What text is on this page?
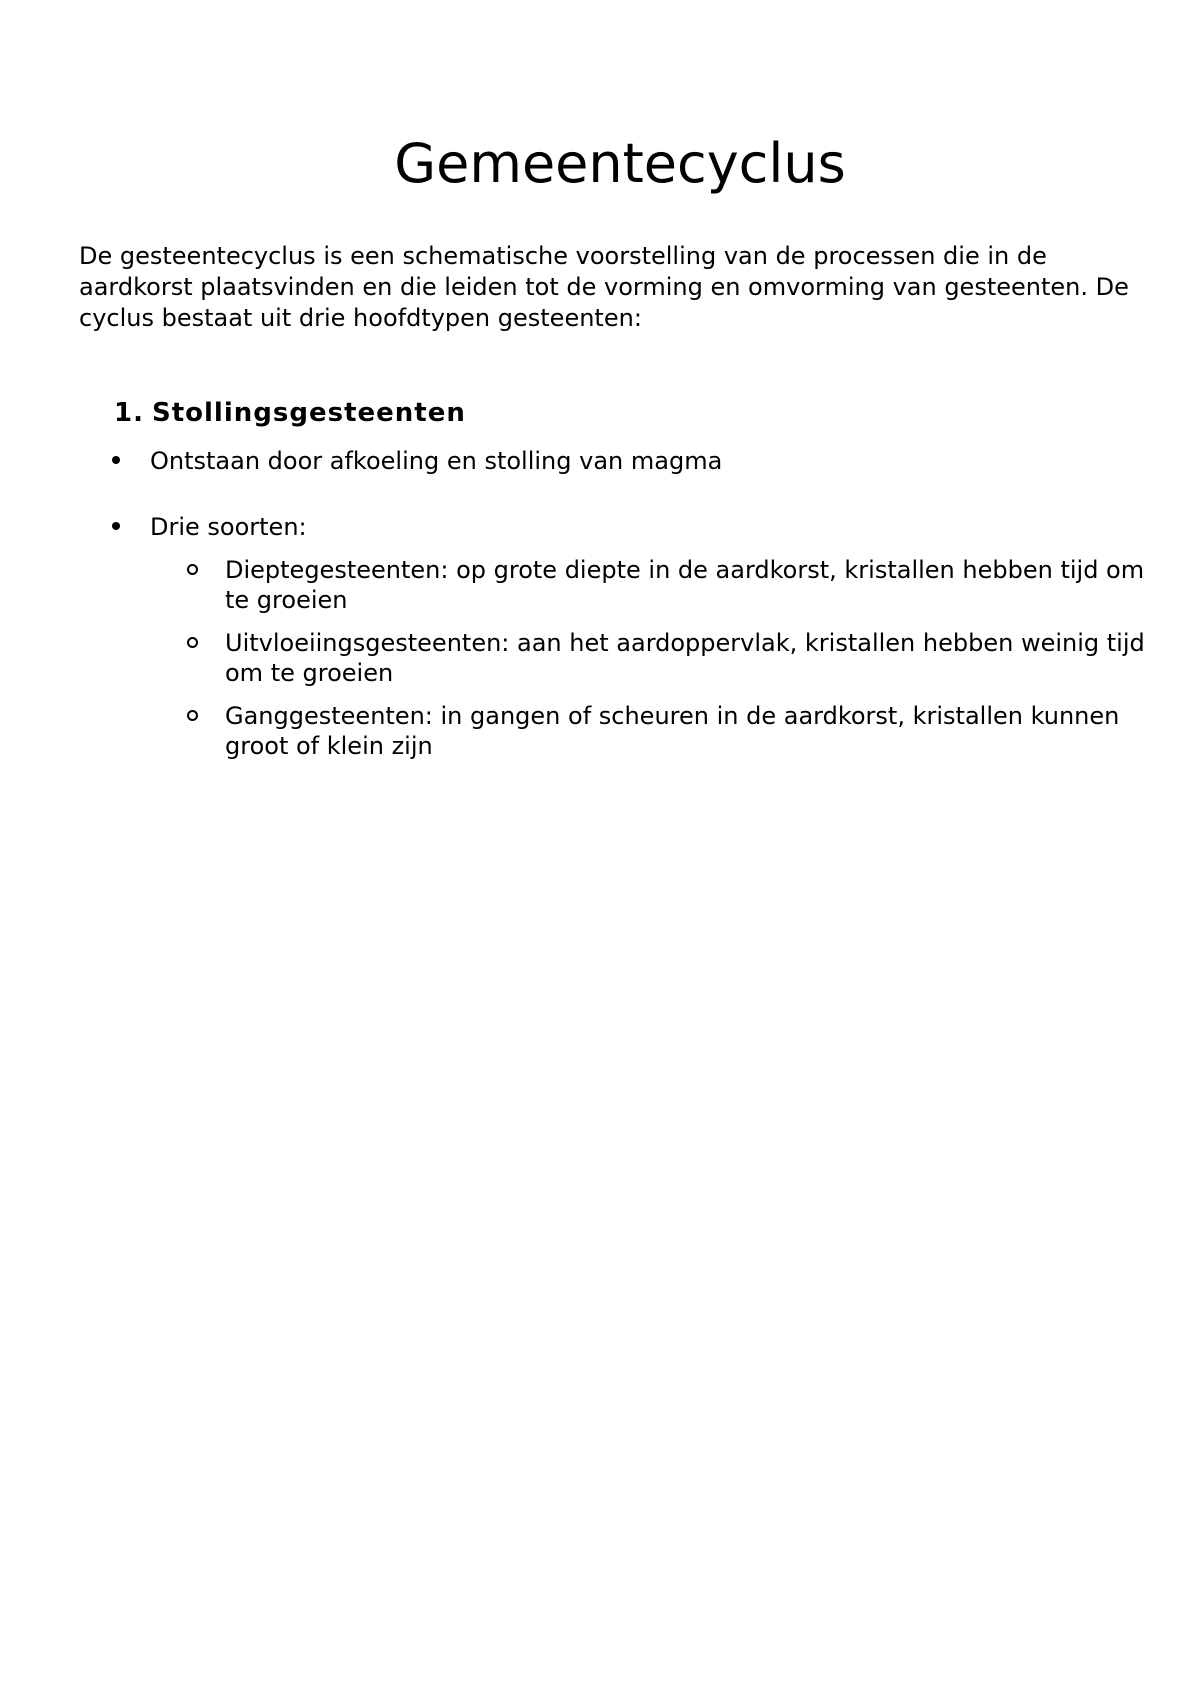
Gemeentecyclus

De gesteentecyclus is een schematische voorstelling van de processen die in de aardkorst plaatsvinden en die leiden tot de vorming en omvorming van gesteenten. De cyclus bestaat uit drie hoofdtypen gesteenten:

1. Stollingsgesteenten
Ontstaan door afkoeling en stolling van magma
Drie soorten:
Dieptegesteenten: op grote diepte in de aardkorst, kristallen hebben tijd om te groeien
Uitvloeiingsgesteenten: aan het aardoppervlak, kristallen hebben weinig tijd om te groeien
Ganggesteenten: in gangen of scheuren in de aardkorst, kristallen kunnen groot of klein zijn
